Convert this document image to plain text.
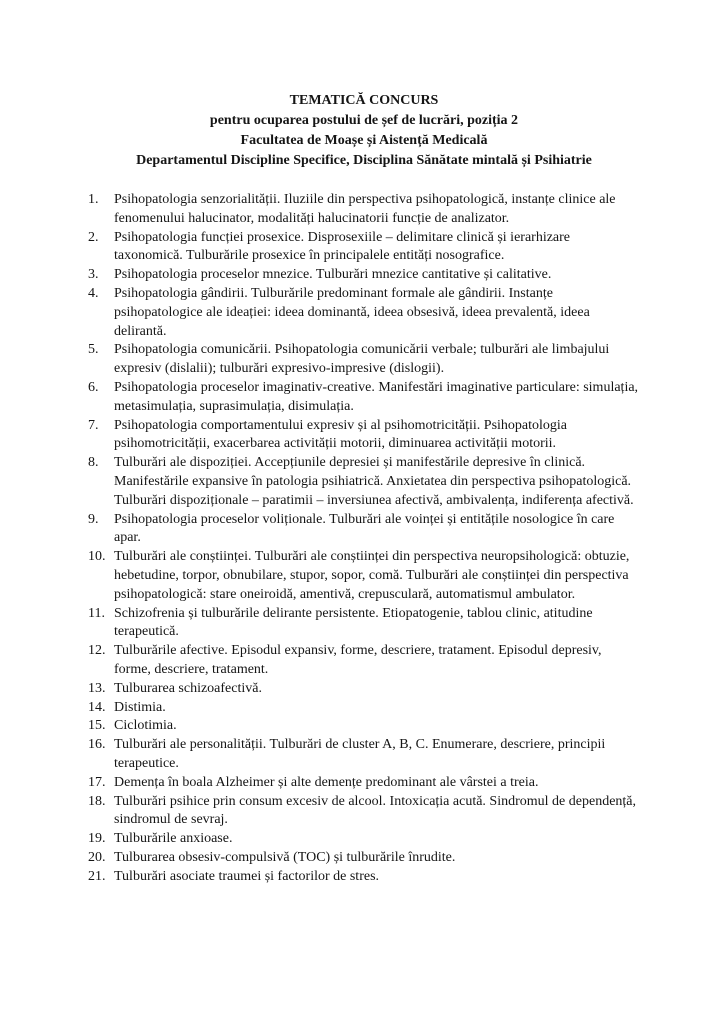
TEMATICĂ CONCURS
pentru ocuparea postului de șef de lucrări, poziția 2
Facultatea de Moașe și Aistență Medicală
Departamentul Discipline Specifice, Disciplina Sănătate mintală și Psihiatrie
1.	Psihopatologia senzorialității. Iluziile din perspectiva psihopatologică, instanțe clinice ale fenomenului halucinator, modalități halucinatorii funcție de analizator.
2.	Psihopatologia funcției prosexice. Disprosexiile – delimitare clinică și ierarhizare taxonomică. Tulburările prosexice în principalele entități nosografice.
3.	Psihopatologia proceselor mnezice. Tulburări mnezice cantitative și calitative.
4.	Psihopatologia gândirii. Tulburările predominant formale ale gândirii. Instanțe psihopatologice ale ideației: ideea dominantă, ideea obsesivă, ideea prevalentă, ideea delirantă.
5.	Psihopatologia comunicării. Psihopatologia comunicării verbale; tulburări ale limbajului expresiv (dislalii); tulburări expresivo-impresive (dislogii).
6.	Psihopatologia proceselor imaginativ-creative. Manifestări imaginative particulare: simulația, metasimulația, suprasimulația, disimulația.
7.	Psihopatologia comportamentului expresiv și al psihomotricității. Psihopatologia psihomotricității, exacerbarea activității motorii, diminuarea activității motorii.
8.	Tulburări ale dispoziției. Accepțiunile depresiei și manifestările depresive în clinică. Manifestările expansive în patologia psihiatrică. Anxietatea din perspectiva psihopatologică. Tulburări dispoziționale – paratimii – inversiunea afectivă, ambivalența, indiferența afectivă.
9.	Psihopatologia proceselor voliționale. Tulburări ale voinței și entitățile nosologice în care apar.
10. Tulburări ale conștiinței. Tulburări ale conștiinței din perspectiva neuropsihologică: obtuzie, hebetudine, torpor, obnubilare, stupor, sopor, comă. Tulburări ale conștiinței din perspectiva psihopatologică: stare oneiroidă, amentivă, crepusculară, automatismul ambulator.
11. Schizofrenia și tulburările delirante persistente. Etiopatogenie, tablou clinic, atitudine terapeutică.
12. Tulburările afective. Episodul expansiv, forme, descriere, tratament. Episodul depresiv, forme, descriere, tratament.
13. Tulburarea schizoafectivă.
14. Distimia.
15. Ciclotimia.
16. Tulburări ale personalității. Tulburări de cluster A, B, C. Enumerare, descriere, principii terapeutice.
17. Demența în boala Alzheimer și alte demențe predominant ale vârstei a treia.
18. Tulburări psihice prin consum excesiv de alcool. Intoxicația acută. Sindromul de dependență, sindromul de sevraj.
19. Tulburările anxioase.
20. Tulburarea obsesiv-compulsivă (TOC) și tulburările înrudite.
21. Tulburări asociate traumei și factorilor de stres.
